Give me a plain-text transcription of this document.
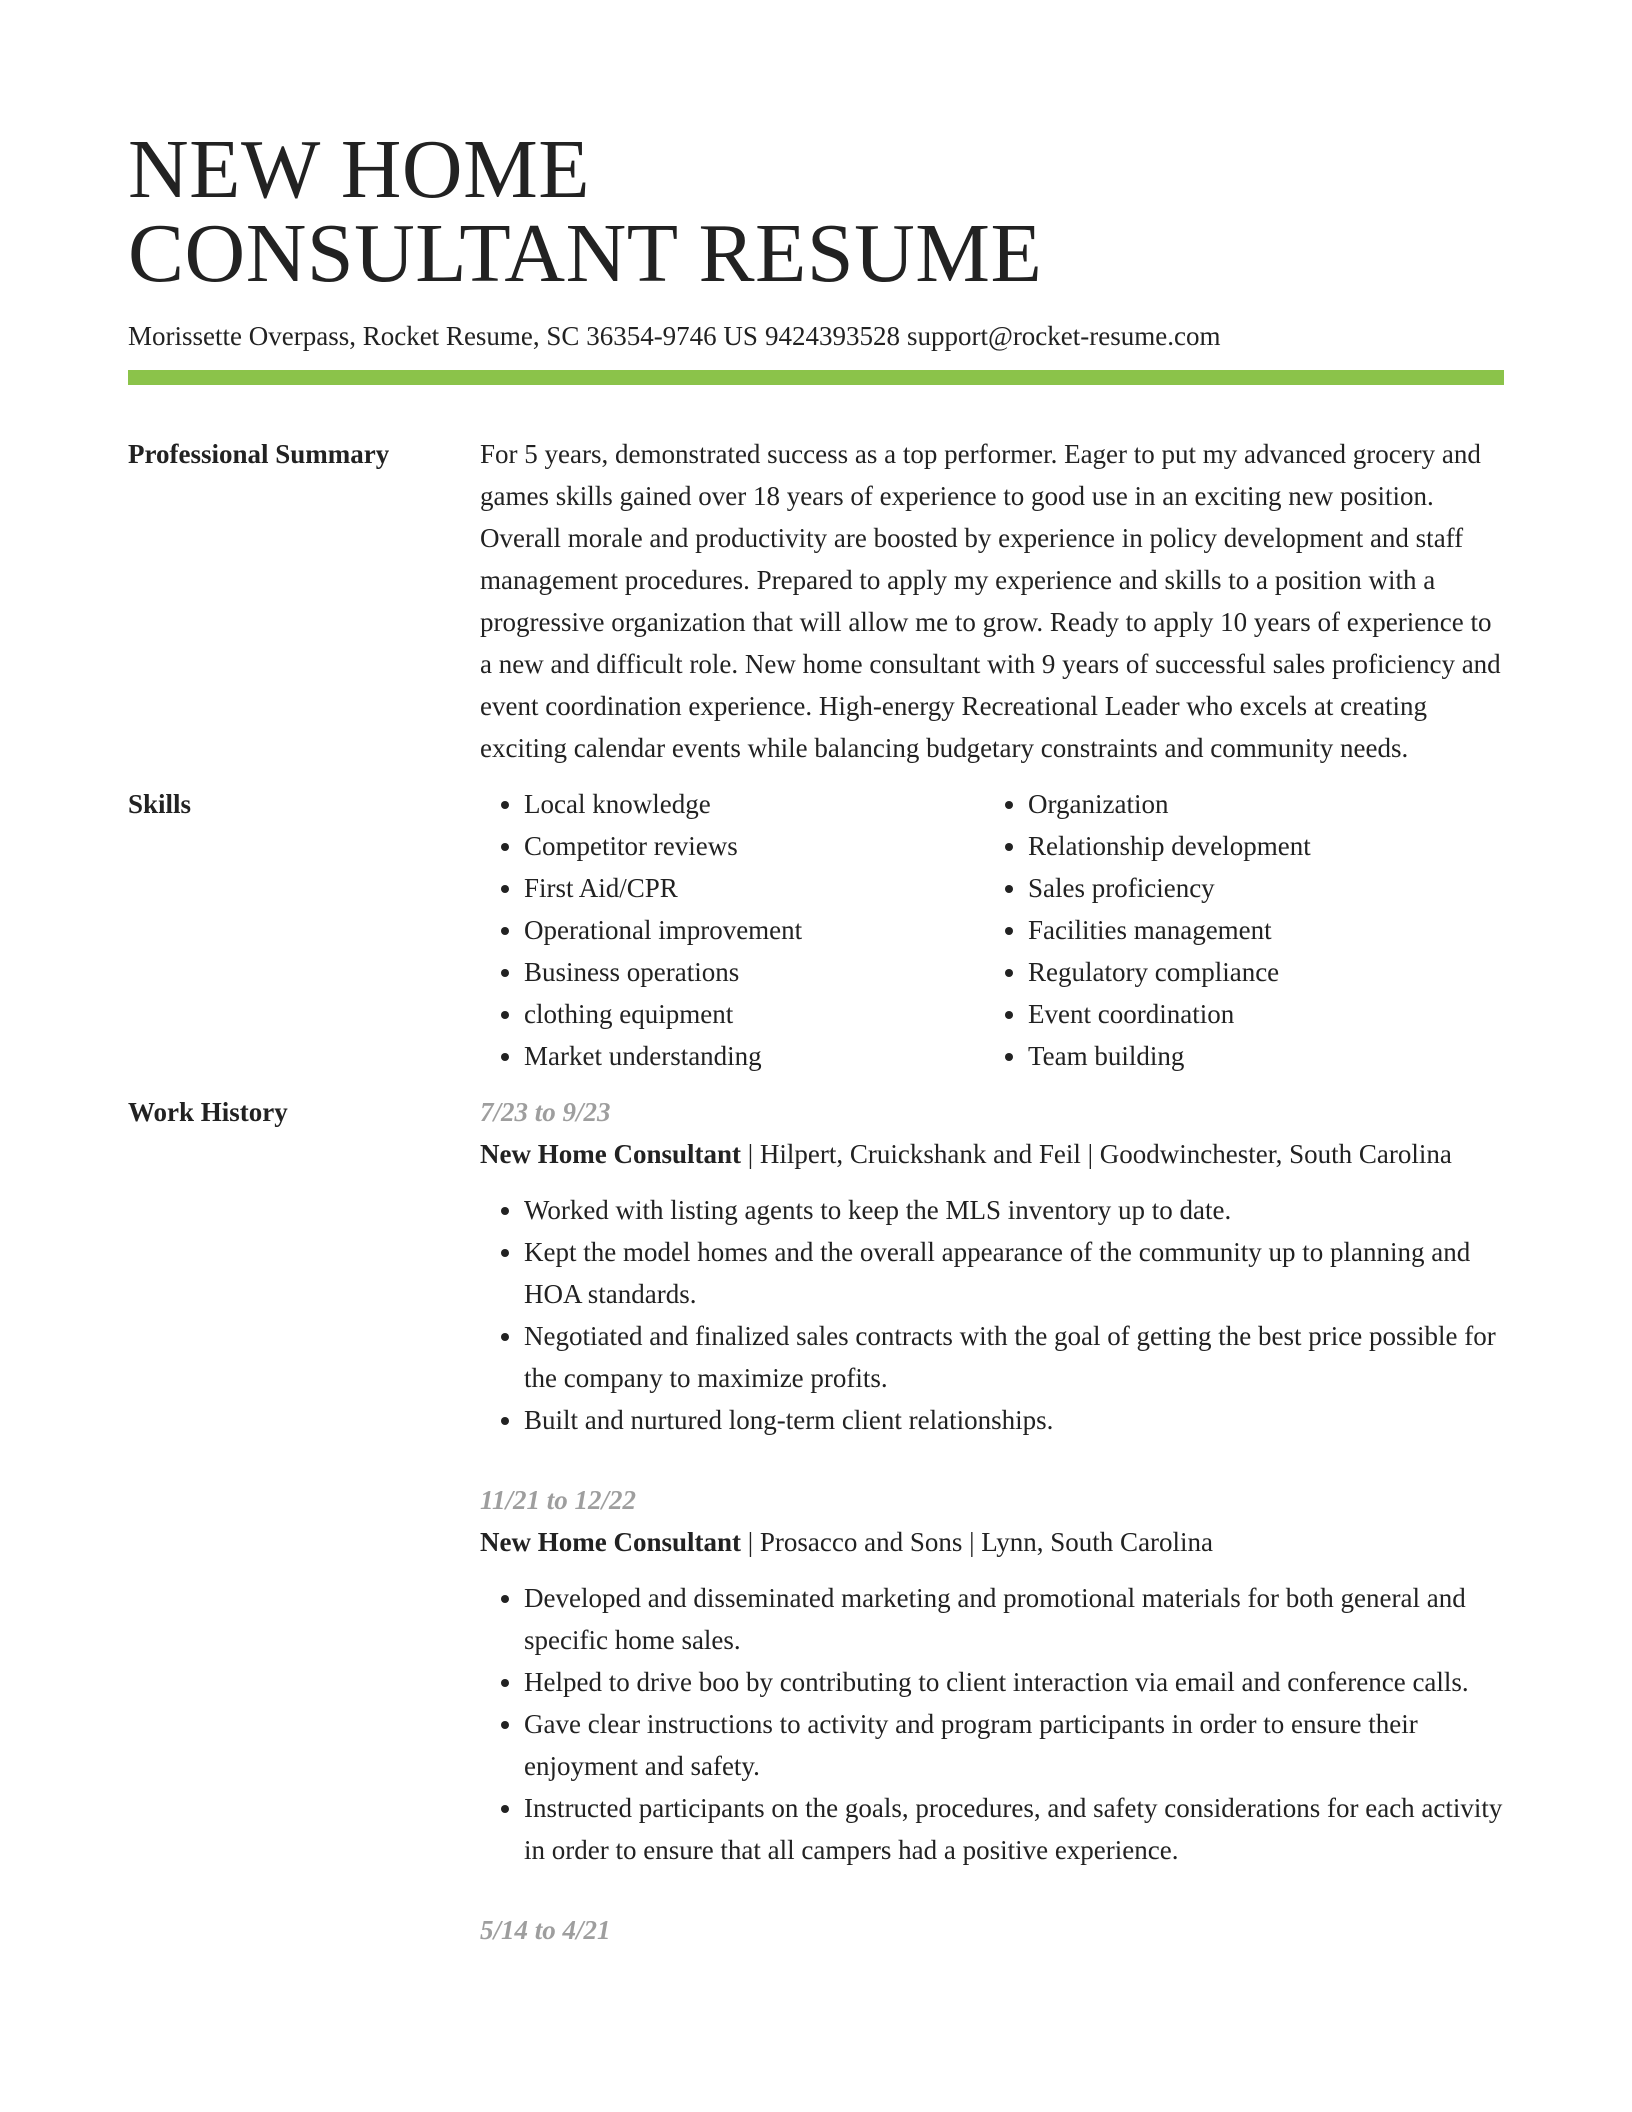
NEW HOME
CONSULTANT RESUME
Morissette Overpass, Rocket Resume, SC 36354-9746 US 9424393528 support@rocket-resume.com
Professional Summary	For 5 years, demonstrated success as a top performer. Eager to put my advanced grocery and games skills gained over 18 years of experience to good use in an exciting new position. Overall morale and productivity are boosted by experience in policy development and staff management procedures. Prepared to apply my experience and skills to a position with a progressive organization that will allow me to grow. Ready to apply 10 years of experience to a new and difficult role. New home consultant with 9 years of successful sales proficiency and event coordination experience. High-energy Recreational Leader who excels at creating exciting calendar events while balancing budgetary constraints and community needs.

Skills
•	Local knowledge
• Competitor reviews
• First Aid/CPR
• Operational improvement
• Business operations
• clothing equipment
• Market understanding
• Organization
• Relationship development
• Sales proficiency
• Facilities management
• Regulatory compliance
• Event coordination
• Team building
Work History	7/23 to 9/23
New Home Consultant | Hilpert, Cruickshank and Feil | Goodwinchester, South Carolina
• Worked with listing agents to keep the MLS inventory up to date.
• Kept the model homes and the overall appearance of the community up to planning and HOA standards.
• Negotiated and finalized sales contracts with the goal of getting the best price possible for the company to maximize profits.
• Built and nurtured long-term client relationships.
11/21 to 12/22
New Home Consultant | Prosacco and Sons | Lynn, South Carolina
• Developed and disseminated marketing and promotional materials for both general and specific home sales.
• Helped to drive boo by contributing to client interaction via email and conference calls.
• Gave clear instructions to activity and program participants in order to ensure their enjoyment and safety.
• Instructed participants on the goals, procedures, and safety considerations for each activity in order to ensure that all campers had a positive experience.
5/14 to 4/21
